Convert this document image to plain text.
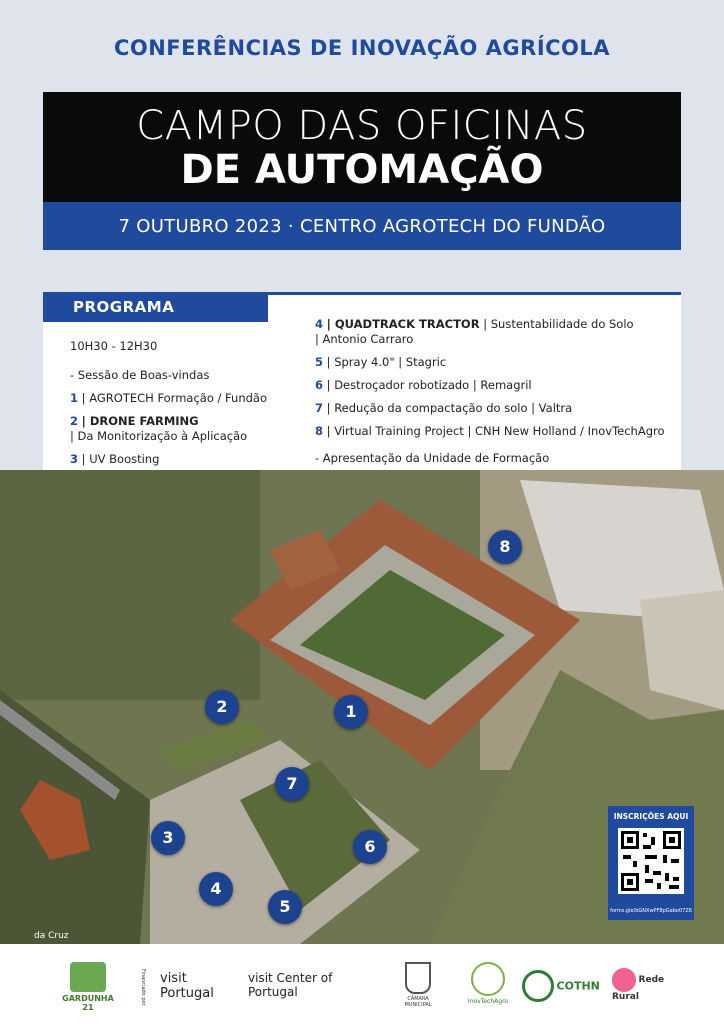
CONFERÊNCIAS DE INOVAÇÃO AGRÍCOLA
CAMPO DAS OFICINAS
DE AUTOMAÇÃO
7 OUTUBRO 2023 · CENTRO AGROTECH DO FUNDÃO
PROGRAMA
10H30 - 12H30
- Sessão de Boas-vindas
1 | AGROTECH Formação / Fundão
2 | DRONE FARMING
| Da Monitorização à Aplicação
3 | UV Boosting
4 | QUADTRACK TRACTOR | Sustentabilidade do Solo
| Antonio Carraro
5 | Spray 4.0" | Stagric
6 | Destroçador robotizado | Remagril
7 | Redução da compactação do solo | Valtra
8 | Virtual Training Project | CNH New Holland / InovTechAgro
- Apresentação da Unidade de Formação
da Cruz
1
2
3
4
5
6
7
8
INSCRIÇÕES AQUI
forms.gle/bGNXwPF8pGabo07Z6
GARDUNHA 21
Financiado por visit Portugal
visit Center of Portugal	CÂMARA MUNICIPAL	InovTechAgro
COTHN	Rede Rural
